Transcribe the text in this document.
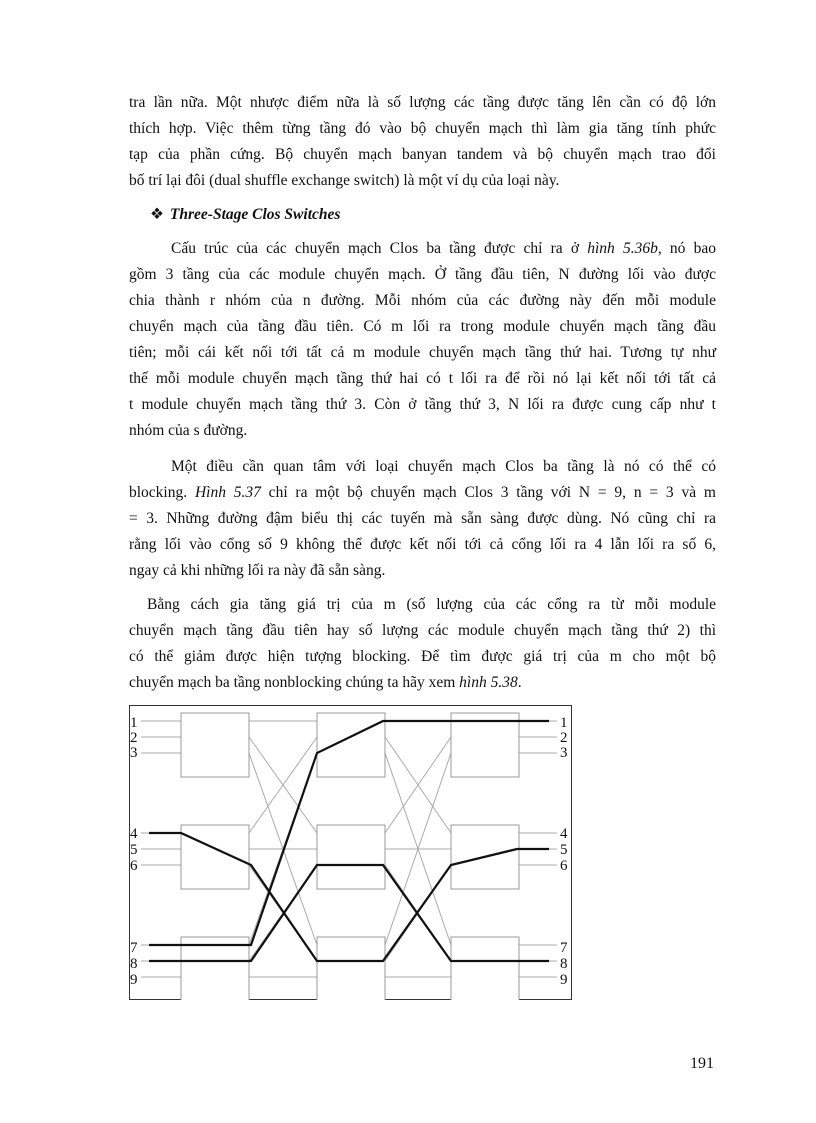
tra lần nữa. Một nhược điểm nữa là số lượng các tầng được tăng lên cần có độ lớn
thích hợp. Việc thêm từng tầng đó vào bộ chuyển mạch thì làm gia tăng tính phức
tạp của phần cứng. Bộ chuyển mạch banyan tandem và bộ chuyển mạch trao đổi
bố trí lại đôi (dual shuffle exchange switch) là một ví dụ của loại này.
❖ Three-Stage Clos Switches
Cấu trúc của các chuyển mạch Clos ba tầng được chỉ ra ở hình 5.36b, nó bao
gồm 3 tầng của các module chuyển mạch. Ở tầng đầu tiên, N đường lối vào được
chia thành r nhóm của n đường. Mỗi nhóm của các đường này đến mỗi module
chuyển mạch của tầng đầu tiên. Có m lối ra trong module chuyển mạch tầng đầu
tiên; mỗi cái kết nối tới tất cả m module chuyển mạch tầng thứ hai. Tương tự như
thế mỗi module chuyển mạch tầng thứ hai có t lối ra để rồi nó lại kết nối tới tất cả
t module chuyển mạch tầng thứ 3. Còn ở tầng thứ 3, N lối ra được cung cấp như t
nhóm của s đường.
Một điều cần quan tâm với loại chuyển mạch Clos ba tầng là nó có thể có
blocking. Hình 5.37 chỉ ra một bộ chuyển mạch Clos 3 tầng với N = 9, n = 3 và m
= 3. Những đường đậm biểu thị các tuyến mà sẵn sàng được dùng. Nó cũng chỉ ra
rằng lối vào cổng số 9 không thể được kết nối tới cả cổng lối ra 4 lẫn lối ra số 6,
ngay cả khi những lối ra này đã sẵn sàng.
Bằng cách gia tăng giá trị của m (số lượng của các cổng ra từ mỗi module
chuyển mạch tầng đầu tiên hay số lượng các module chuyển mạch tầng thứ 2) thì
có thể giảm được hiện tượng blocking. Để tìm được giá trị của m cho một bộ
chuyển mạch ba tầng nonblocking chúng ta hãy xem hình 5.38.
1
2
3
4
5
6
7
8
9
1
2
3
4
5
6
7
8
9
191
